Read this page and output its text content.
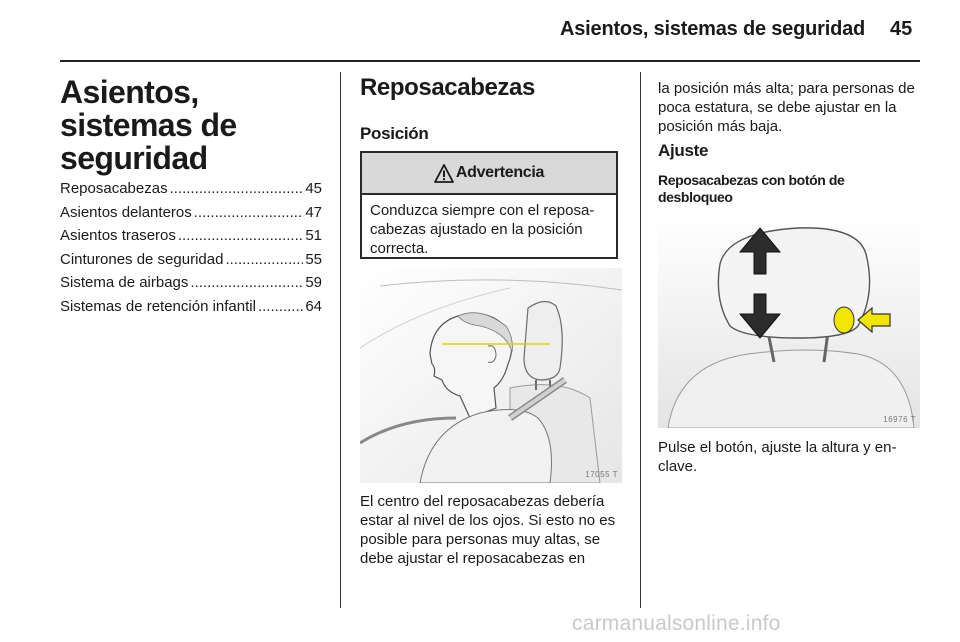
Asientos, sistemas de seguridad 45
Asientos, sistemas de seguridad
Reposacabezas .....	45
Asientos delanteros .....	47
Asientos traseros .....	51
Cinturones de seguridad .....	55
Sistema de airbags .....	59
Sistemas de retención infantil .....	64
Reposacabezas
Posición
Advertencia
Conduzca siempre con el reposa-cabezas ajustado en la posición correcta.
17055 T

El centro del reposacabezas debería estar al nivel de los ojos. Si esto no es posible para personas muy altas, se debe ajustar el reposacabezas en

la posición más alta; para personas de poca estatura, se debe ajustar en la posición más baja.

Ajuste
Reposacabezas con botón de desbloqueo
16976 T

Pulse el botón, ajuste la altura y en-clave.

carmanualsonline.info
